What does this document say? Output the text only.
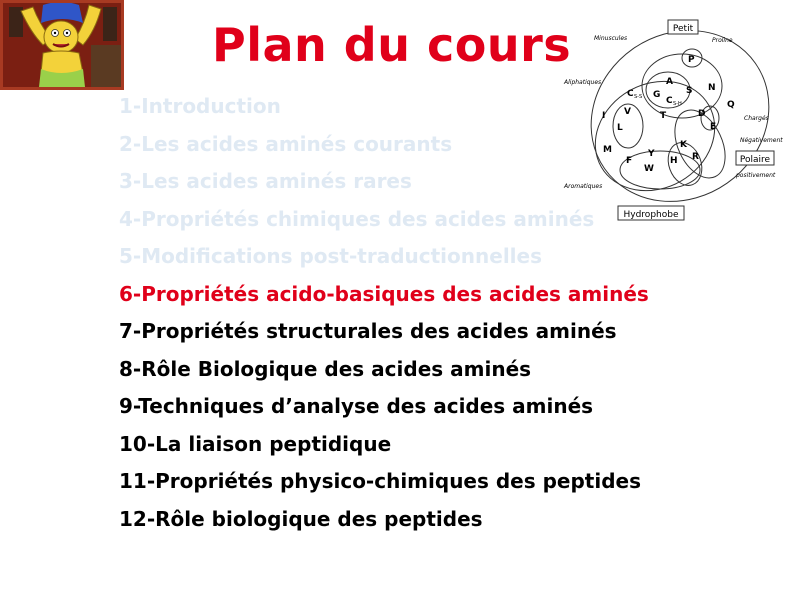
Plan du cours
1-Introduction
2-Les acides aminés courants
3-Les acides aminés rares
4-Propriétés chimiques des acides aminés
5-Modifications post-traductionnelles
6-Propriétés acido-basiques des acides aminés
7-Propriétés structurales des acides aminés
8-Rôle Biologique des acides aminés
9-Techniques d’analyse des acides aminés
10-La liaison peptidique
11-Propriétés physico-chimiques des peptides
12-Rôle biologique des peptides
Petit
Polaire
Hydrophobe
Minuscules	Proline
Aliphatiques
Chargés
Négativement
positivement
Aromatiques
P
A
G	S N
Q
C S-S	C S-H
V
I
L
T	D
E
M
F
Y
W
H
K
R
